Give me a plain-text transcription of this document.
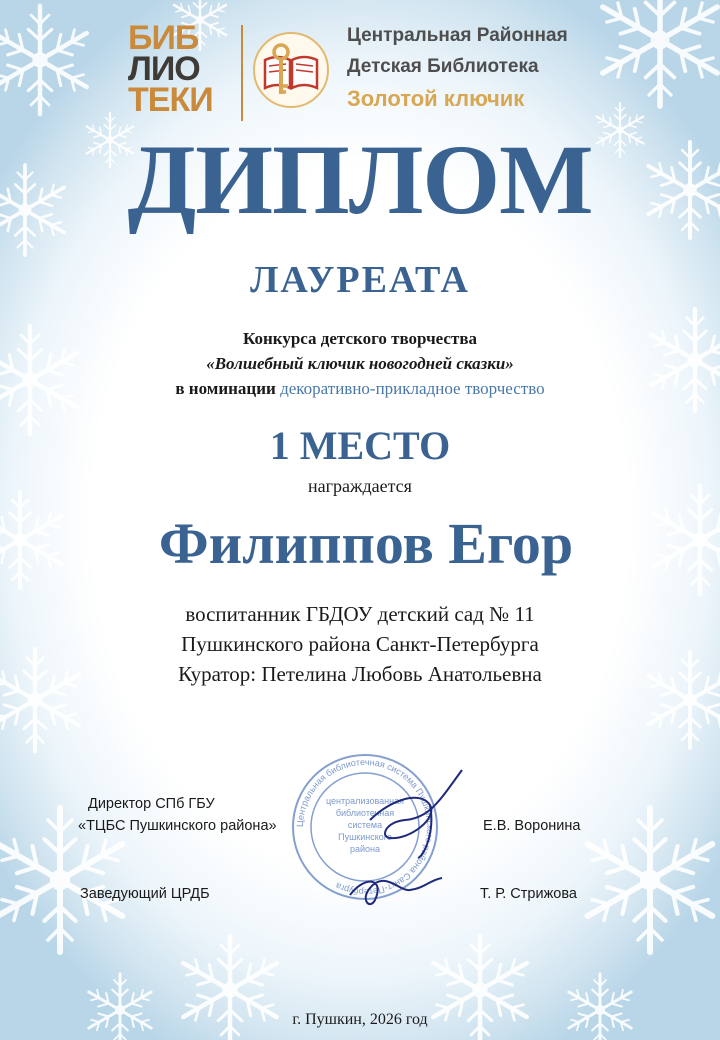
БИБ
ЛИО
ТЕКИ
Центральная Районная
Детская Библиотека
Золотой ключик
ДИПЛОМ
ЛАУРЕАТА
Конкурса детского творчества
«Волшебный ключик новогодней сказки»
в номинации декоративно-прикладное творчество
1 МЕСТО
награждается
Филиппов Егор
воспитанник ГБДОУ детский сад № 11
Пушкинского района Санкт-Петербурга
Куратор: Петелина Любовь Анатольевна
Центральная библиотечная система Пушкинского района Санкт-Петербурга
централизованная
библиотечная
система
Пушкинского
района
Директор СПб ГБУ
«ТЦБС Пушкинского района»	Е.В. Воронина
Заведующий ЦРДБ	Т. Р. Стрижова
г. Пушкин, 2026 год
